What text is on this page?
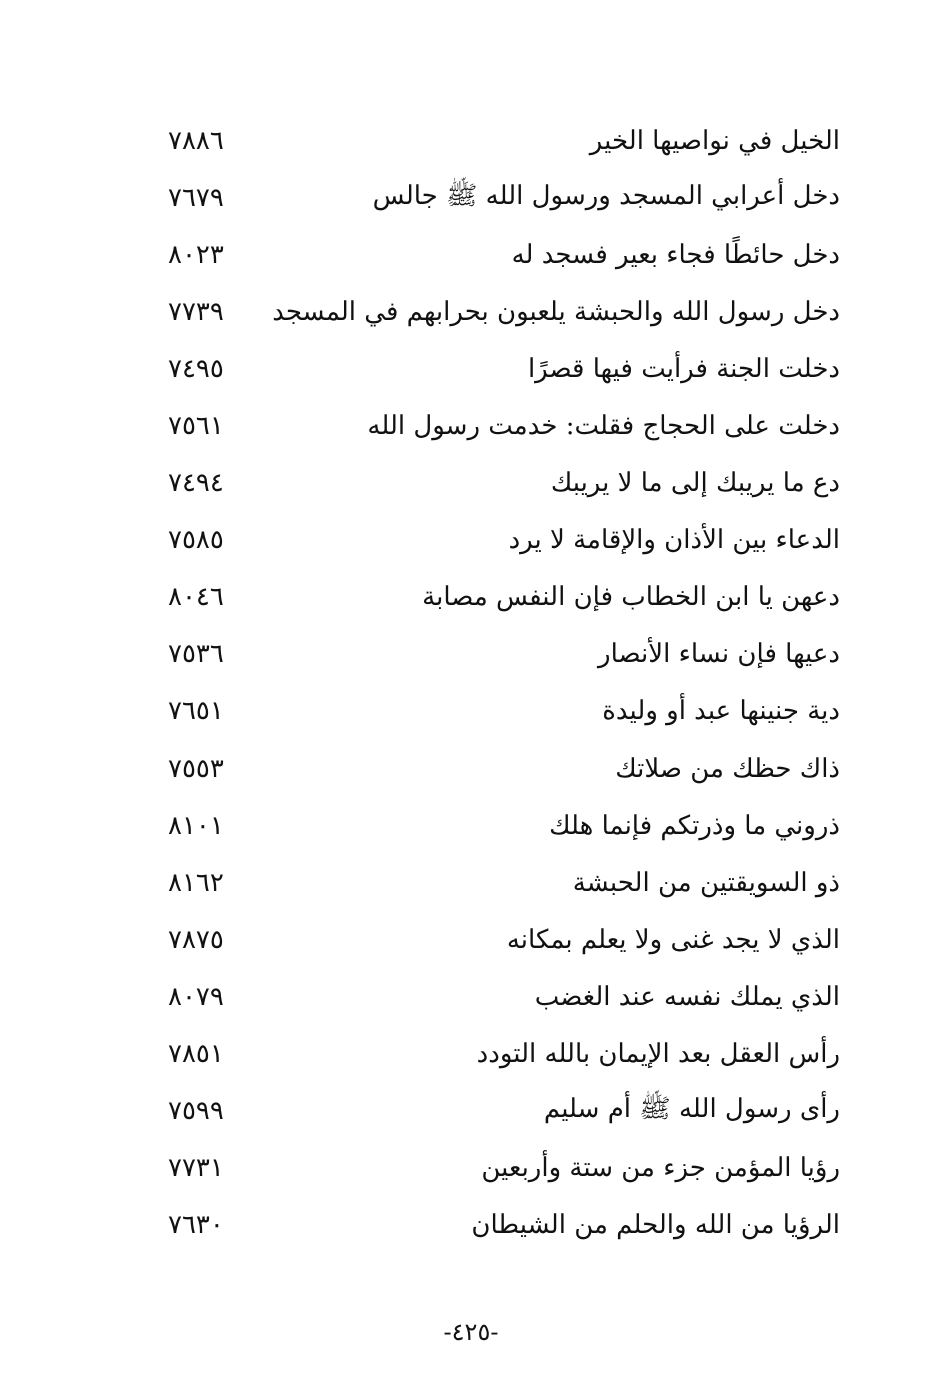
٧٨٨٦	الخيل في نواصيها الخير
٧٦٧٩	دخل أعرابي المسجد ورسول الله ﷺ جالس
٨٠٢٣	دخل حائطًا فجاء بعير فسجد له
٧٧٣٩	دخل رسول الله والحبشة يلعبون بحرابهم في المسجد
٧٤٩٥	دخلت الجنة فرأيت فيها قصرًا
٧٥٦١	دخلت على الحجاج فقلت: خدمت رسول الله
٧٤٩٤	دع ما يريبك إلى ما لا يريبك
٧٥٨٥	الدعاء بين الأذان والإقامة لا يرد
٨٠٤٦	دعهن يا ابن الخطاب فإن النفس مصابة
٧٥٣٦	دعيها فإن نساء الأنصار
٧٦٥١	دية جنينها عبد أو وليدة
٧٥٥٣	ذاك حظك من صلاتك
٨١٠١	ذروني ما وذرتكم فإنما هلك
٨١٦٢	ذو السويقتين من الحبشة
٧٨٧٥	الذي لا يجد غنى ولا يعلم بمكانه
٨٠٧٩	الذي يملك نفسه عند الغضب
٧٨٥١	رأس العقل بعد الإيمان بالله التودد
٧٥٩٩	رأى رسول الله ﷺ أم سليم
٧٧٣١	رؤيا المؤمن جزء من ستة وأربعين
٧٦٣٠	الرؤيا من الله والحلم من الشيطان
-٤٢٥-
